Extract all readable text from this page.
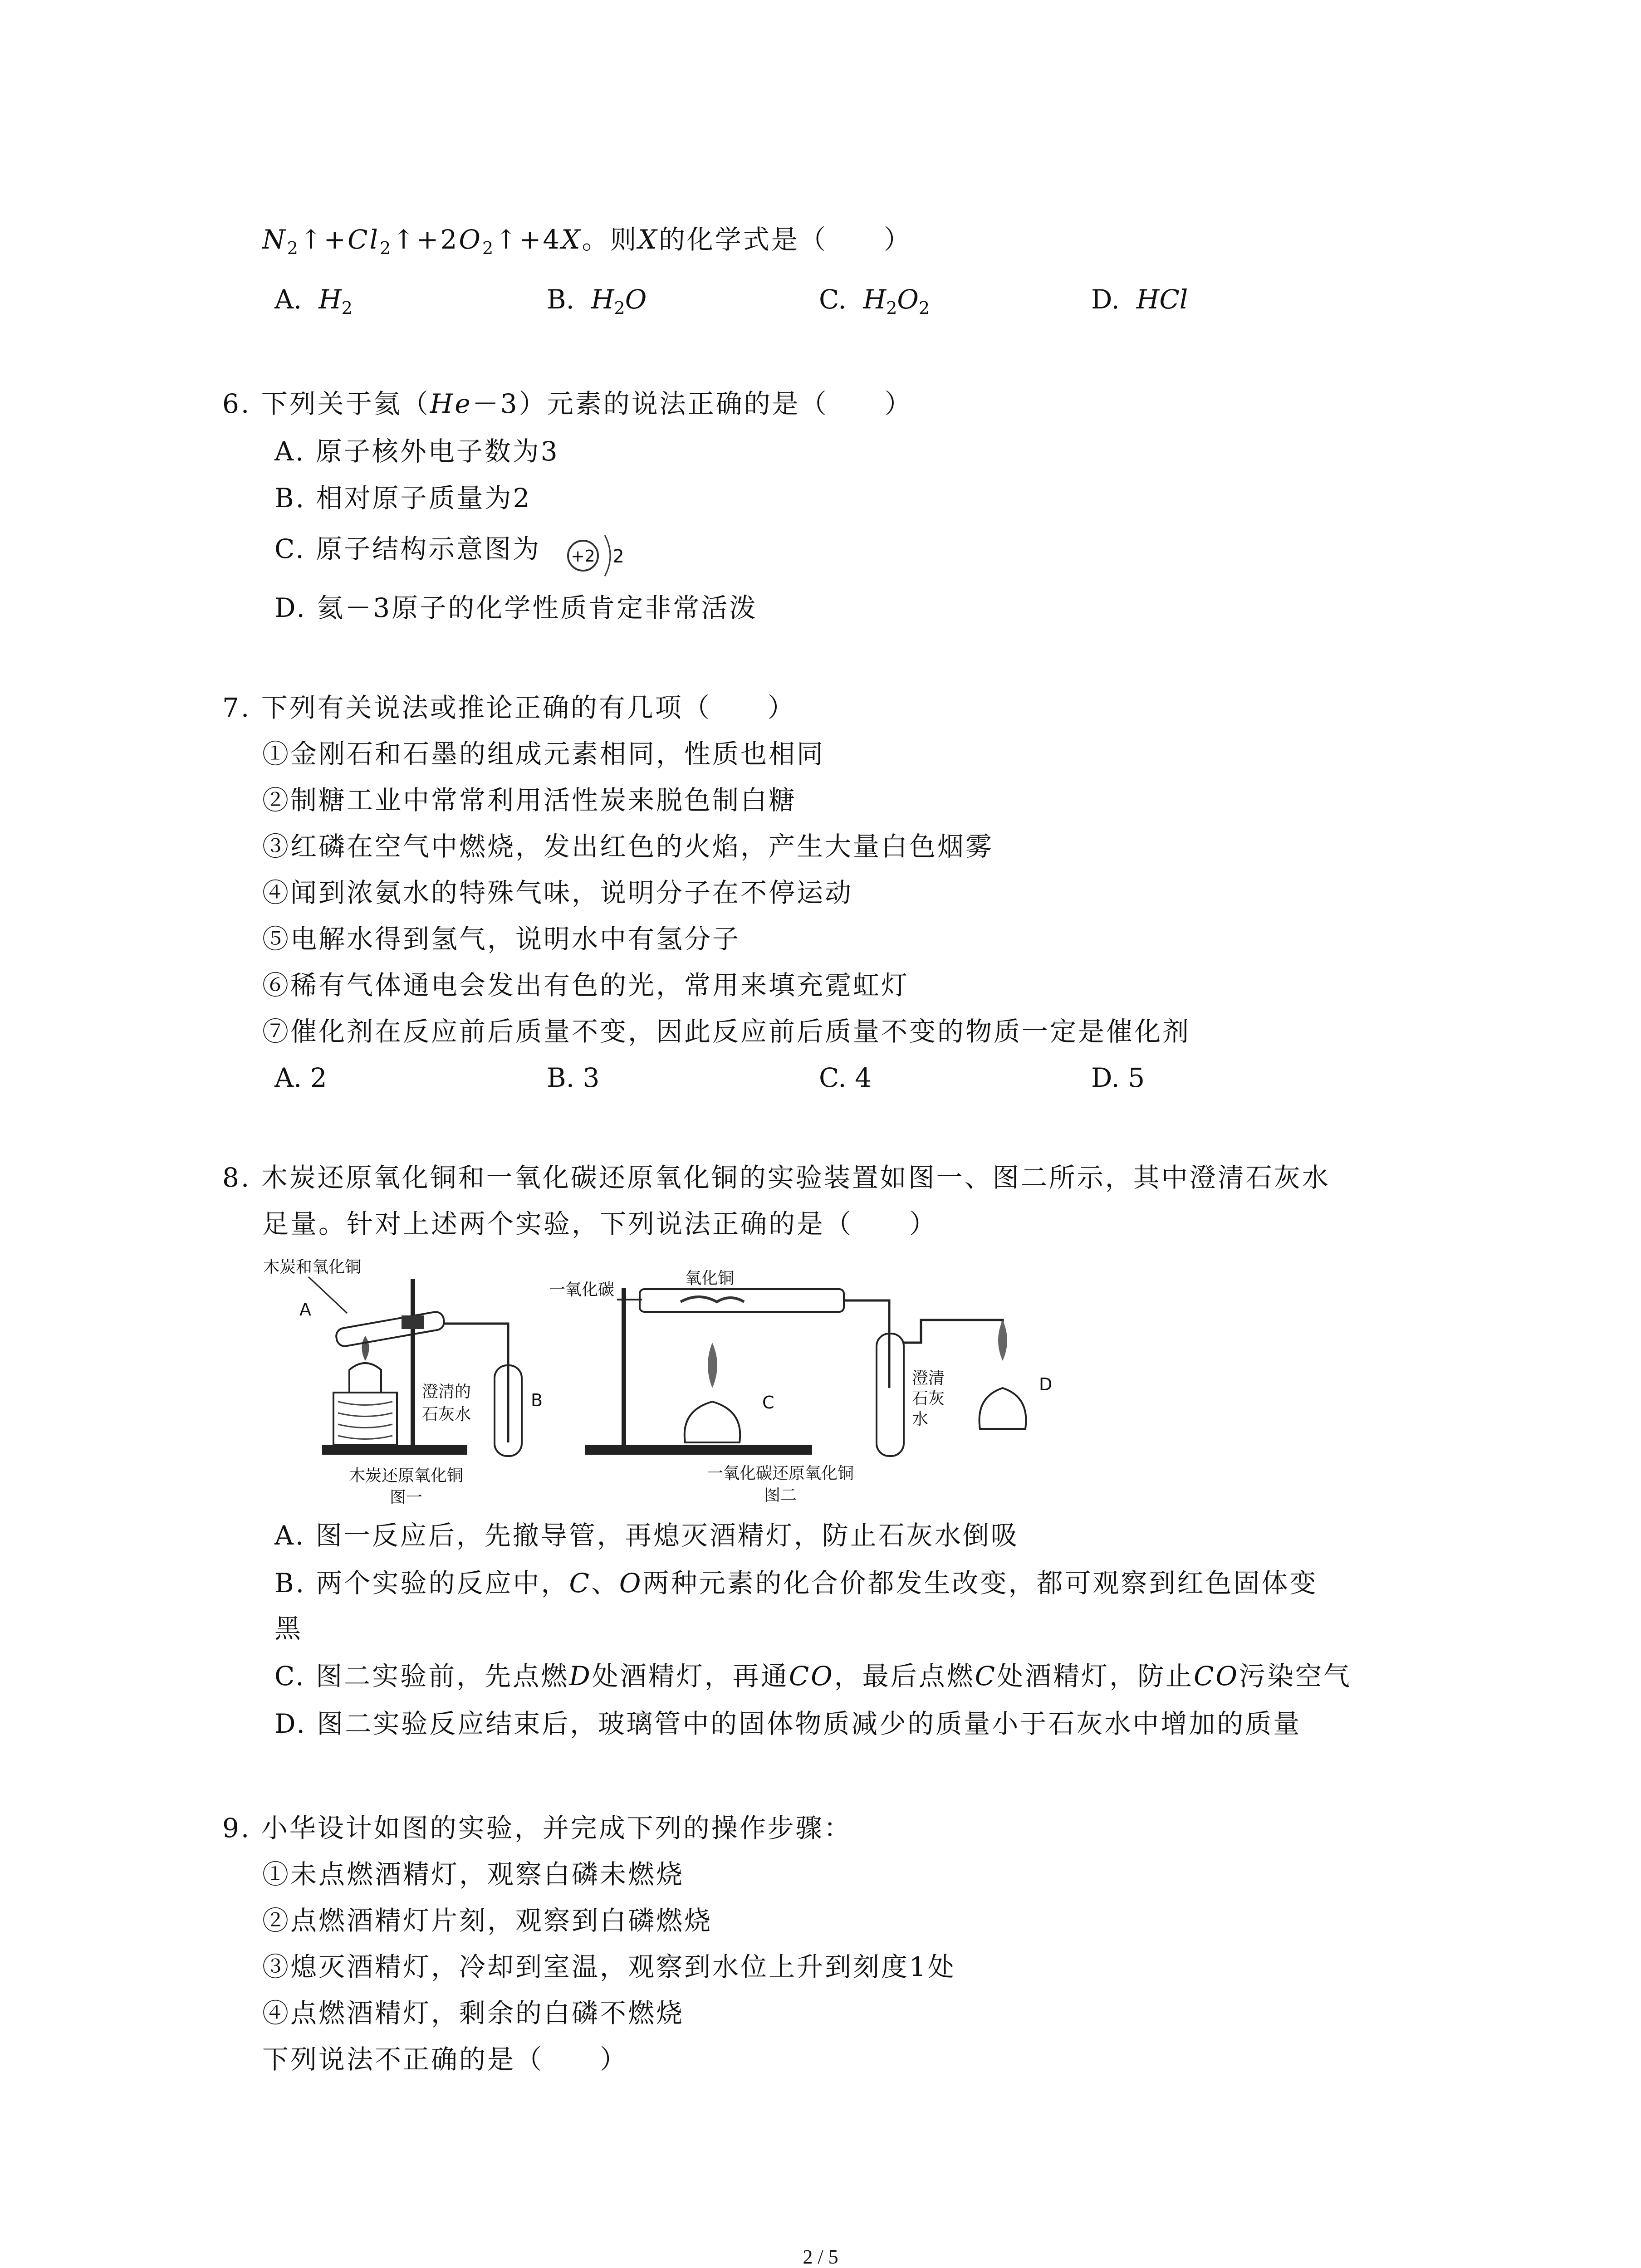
$N_2↑+Cl_2↑+2O_2↑+4X$。则X的化学式是（　　）
A. $H_2$	B. $H_2O$	C. $H_2O_2$	D. HCl
6. 下列关于氦（He－3）元素的说法正确的是（　　）
A. 原子核外电子数为3
B. 相对原子质量为2
C. 原子结构示意图为 +2 2
D. 氦－3原子的化学性质肯定非常活泼
7. 下列有关说法或推论正确的有几项（　　）
①金刚石和石墨的组成元素相同，性质也相同
②制糖工业中常常利用活性炭来脱色制白糖
③红磷在空气中燃烧，发出红色的火焰，产生大量白色烟雾
④闻到浓氨水的特殊气味，说明分子在不停运动
⑤电解水得到氢气，说明水中有氢分子
⑥稀有气体通电会发出有色的光，常用来填充霓虹灯
⑦催化剂在反应前后质量不变，因此反应前后质量不变的物质一定是催化剂
A. 2	B. 3	C. 4	D. 5
8. 木炭还原氧化铜和一氧化碳还原氧化铜的实验装置如图一、图二所示，其中澄清石灰水
足量。针对上述两个实验，下列说法正确的是（　　）
木炭和氧化铜
A
B
澄清的
石灰水
木炭还原氧化铜
图一
一氧化碳
氧化铜
C
澄清
石灰
水
D
一氧化碳还原氧化铜
图二
A. 图一反应后，先撤导管，再熄灭酒精灯，防止石灰水倒吸
B. 两个实验的反应中，C、O两种元素的化合价都发生改变，都可观察到红色固体变
黑
C. 图二实验前，先点燃D处酒精灯，再通CO，最后点燃C处酒精灯，防止CO污染空气
D. 图二实验反应结束后，玻璃管中的固体物质减少的质量小于石灰水中增加的质量
9. 小华设计如图的实验，并完成下列的操作步骤：
①未点燃酒精灯，观察白磷未燃烧
②点燃酒精灯片刻，观察到白磷燃烧
③熄灭酒精灯，冷却到室温，观察到水位上升到刻度1处
④点燃酒精灯，剩余的白磷不燃烧
下列说法不正确的是（　　）
2 / 5
